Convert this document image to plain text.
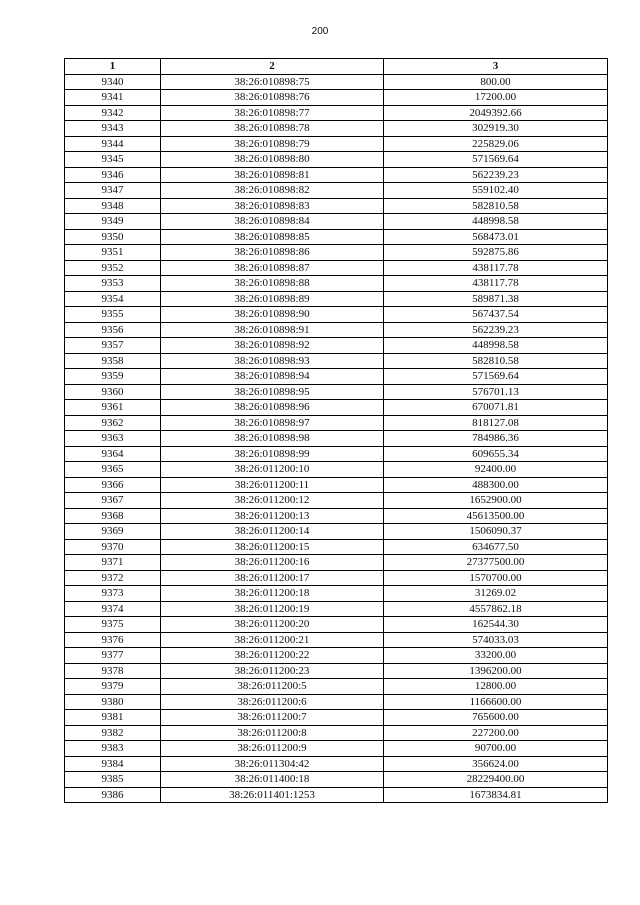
200
1	2	3
9340	38:26:010898:75	800.00
9341	38:26:010898:76	17200.00
9342	38:26:010898:77	2049392.66
9343	38:26:010898:78	302919.30
9344	38:26:010898:79	225829.06
9345	38:26:010898:80	571569.64
9346	38:26:010898:81	562239.23
9347	38:26:010898:82	559102.40
9348	38:26:010898:83	582810.58
9349	38:26:010898:84	448998.58
9350	38:26:010898:85	568473.01
9351	38:26:010898:86	592875.86
9352	38:26:010898:87	438117.78
9353	38:26:010898:88	438117.78
9354	38:26:010898:89	589871.38
9355	38:26:010898:90	567437.54
9356	38:26:010898:91	562239.23
9357	38:26:010898:92	448998.58
9358	38:26:010898:93	582810.58
9359	38:26:010898:94	571569.64
9360	38:26:010898:95	576701.13
9361	38:26:010898:96	670071.81
9362	38:26:010898:97	818127.08
9363	38:26:010898:98	784986.36
9364	38:26:010898:99	609655.34
9365	38:26:011200:10	92400.00
9366	38:26:011200:11	488300.00
9367	38:26:011200:12	1652900.00
9368	38:26:011200:13	45613500.00
9369	38:26:011200:14	1506090.37
9370	38:26:011200:15	634677.50
9371	38:26:011200:16	27377500.00
9372	38:26:011200:17	1570700.00
9373	38:26:011200:18	31269.02
9374	38:26:011200:19	4557862.18
9375	38:26:011200:20	162544.30
9376	38:26:011200:21	574033.03
9377	38:26:011200:22	33200.00
9378	38:26:011200:23	1396200.00
9379	38:26:011200:5	12800.00
9380	38:26:011200:6	1166600.00
9381	38:26:011200:7	765600.00
9382	38:26:011200:8	227200.00
9383	38:26:011200:9	90700.00
9384	38:26:011304:42	356624.00
9385	38:26:011400:18	28229400.00
9386	38:26:011401:1253	1673834.81
